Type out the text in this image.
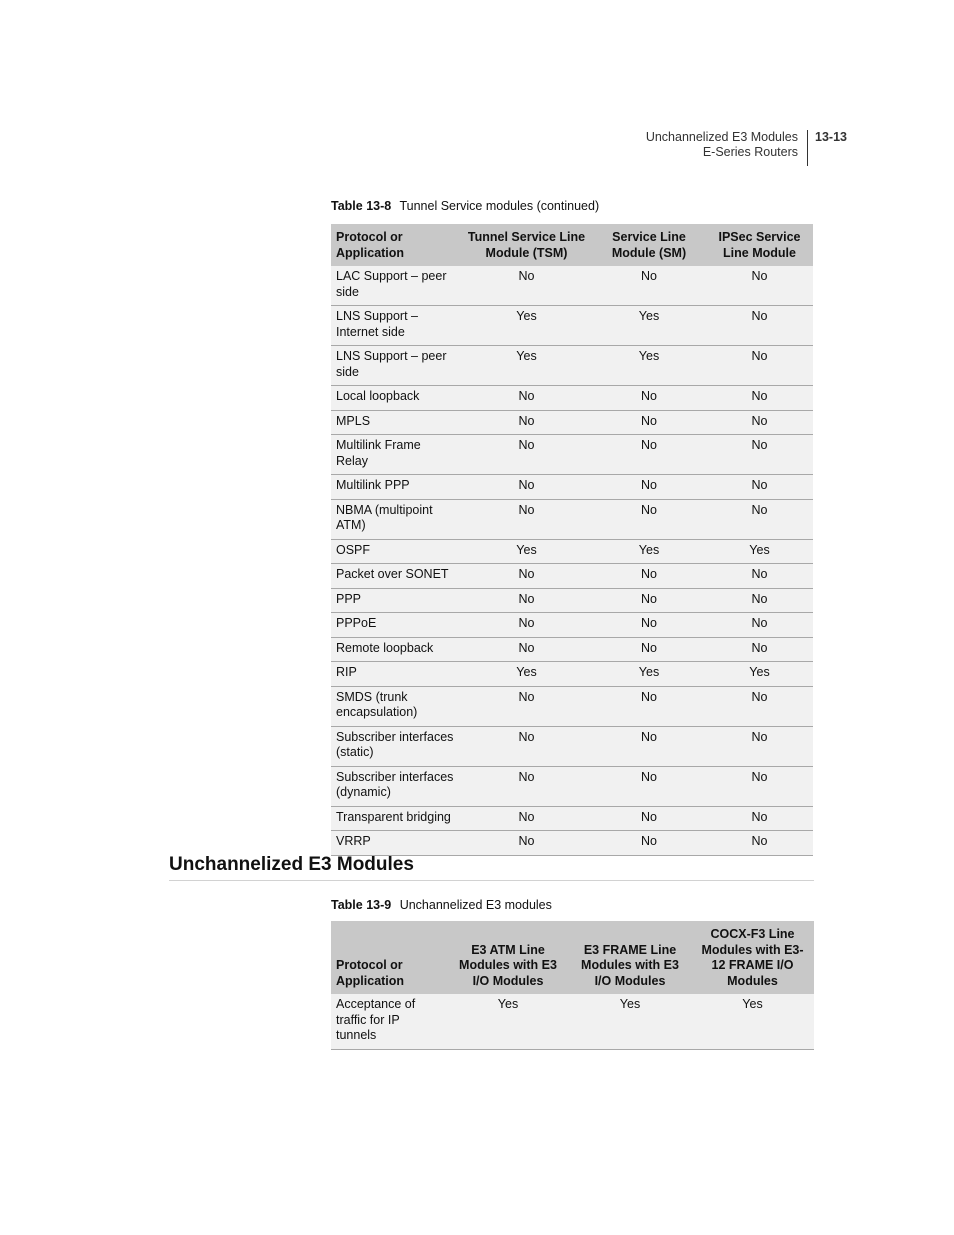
Unchannelized E3 Modules
E-Series Routers
13-13
Table 13-8 Tunnel Service modules (continued)
Protocol or Application	Tunnel Service Line Module (TSM)	Service Line Module (SM)	IPSec Service Line Module
LAC Support – peer side	No	No	No
LNS Support – Internet side	Yes	Yes	No
LNS Support – peer side	Yes	Yes	No
Local loopback	No	No	No
MPLS	No	No	No
Multilink Frame Relay	No	No	No
Multilink PPP	No	No	No
NBMA (multipoint ATM)	No	No	No
OSPF	Yes	Yes	Yes
Packet over SONET	No	No	No
PPP	No	No	No
PPPoE	No	No	No
Remote loopback	No	No	No
RIP	Yes	Yes	Yes
SMDS (trunk encapsulation)	No	No	No
Subscriber interfaces (static)	No	No	No
Subscriber interfaces (dynamic)	No	No	No
Transparent bridging	No	No	No
VRRP	No	No	No
Unchannelized E3 Modules
Table 13-9 Unchannelized E3 modules
Protocol or Application	E3 ATM Line Modules with E3 I/O Modules	E3 FRAME Line Modules with E3 I/O Modules	COCX-F3 Line Modules with E3-12 FRAME I/O Modules
Acceptance of traffic for IP tunnels	Yes	Yes	Yes
